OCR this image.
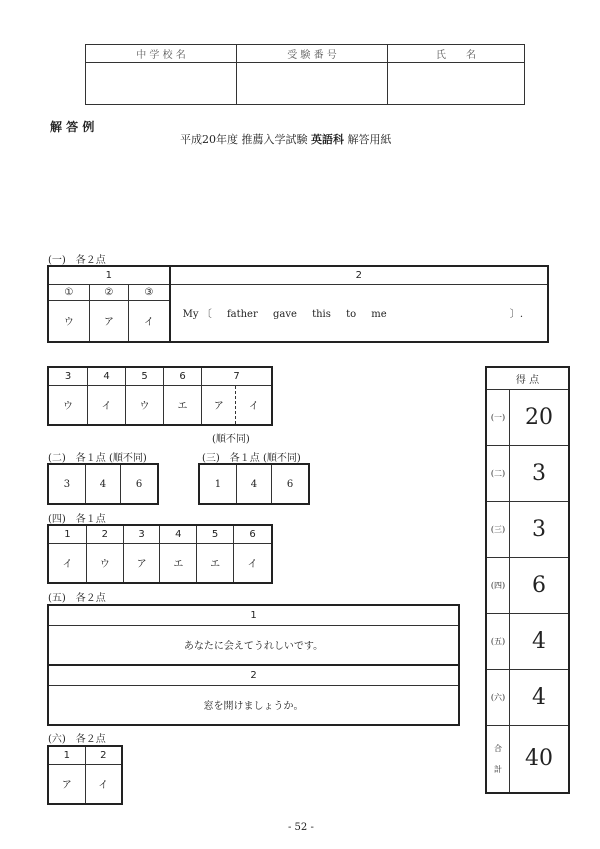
中 学 校 名	受 験 番 号	氏　　名

解 答 例
平成20年度 推薦入学試験 英語科 解答用紙
(一)　各２点
1			2
①	②	③	My 〔 father gave this to me 〕.
ウ	ア	イ	
3	4	5	6	7	
ウ	イ	ウ	エ	ア	イ
(順不同)
(二)　各１点 (順不同)
3	4	6
(三)　各１点 (順不同)
1	4	6
(四)　各１点
1	2	3	4	5	6
イ	ウ	ア	エ	エ	イ
(五)　各２点
1
あなたに会えてうれしいです。
2
窓を開けましょうか。
(六)　各２点
1	2
ア	イ
得 点	
(一)	20
(二)	3
(三)	3
(四)	6
(五)	4
(六)	4

合
計	40
- 52 -
